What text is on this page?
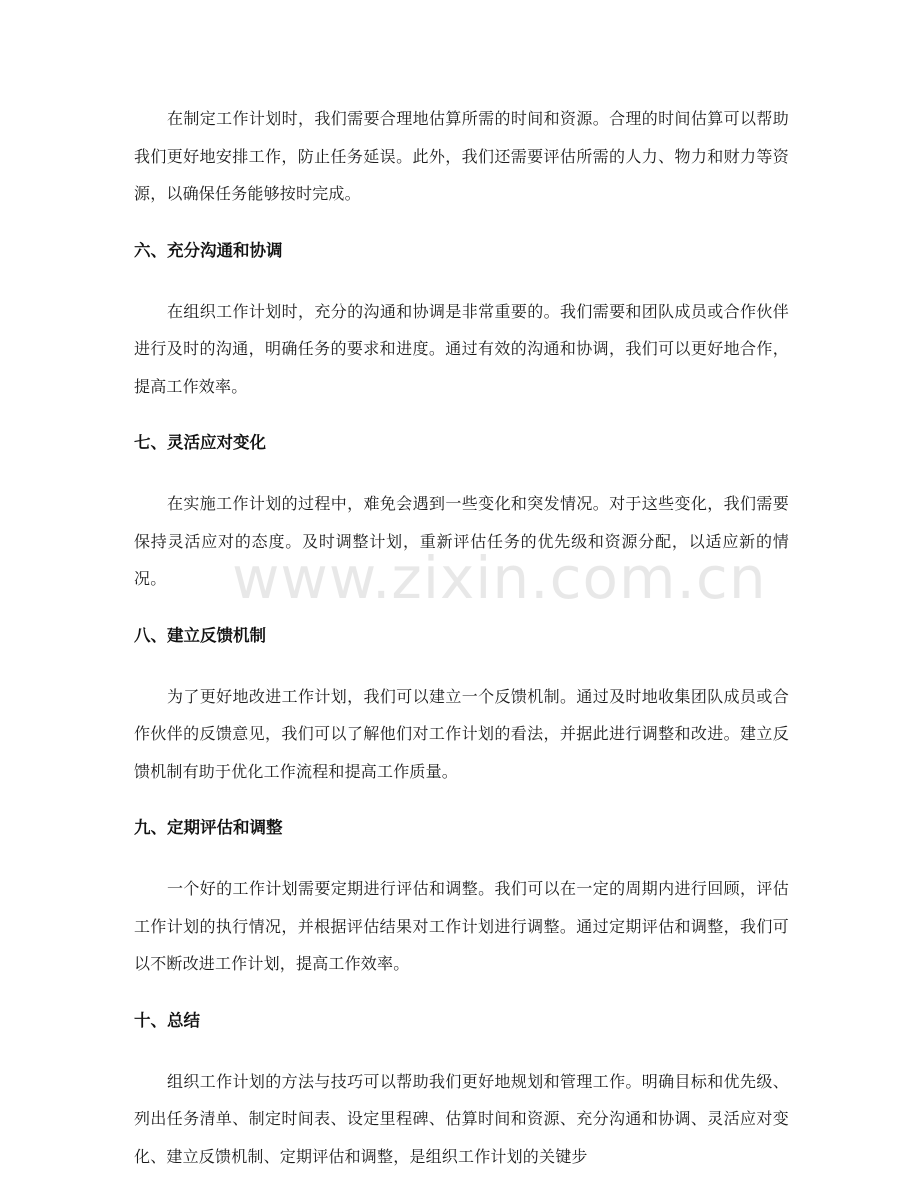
在制定工作计划时，我们需要合理地估算所需的时间和资源。合理的时间估算可以帮助我们更好地安排工作，防止任务延误。此外，我们还需要评估所需的人力、物力和财力等资源，以确保任务能够按时完成。

六、充分沟通和协调

在组织工作计划时，充分的沟通和协调是非常重要的。我们需要和团队成员或合作伙伴进行及时的沟通，明确任务的要求和进度。通过有效的沟通和协调，我们可以更好地合作，提高工作效率。

七、灵活应对变化

在实施工作计划的过程中，难免会遇到一些变化和突发情况。对于这些变化，我们需要保持灵活应对的态度。及时调整计划，重新评估任务的优先级和资源分配，以适应新的情况。

八、建立反馈机制

为了更好地改进工作计划，我们可以建立一个反馈机制。通过及时地收集团队成员或合作伙伴的反馈意见，我们可以了解他们对工作计划的看法，并据此进行调整和改进。建立反馈机制有助于优化工作流程和提高工作质量。

九、定期评估和调整

一个好的工作计划需要定期进行评估和调整。我们可以在一定的周期内进行回顾，评估工作计划的执行情况，并根据评估结果对工作计划进行调整。通过定期评估和调整，我们可以不断改进工作计划，提高工作效率。

十、总结

组织工作计划的方法与技巧可以帮助我们更好地规划和管理工作。明确目标和优先级、列出任务清单、制定时间表、设定里程碑、估算时间和资源、充分沟通和协调、灵活应对变化、建立反馈机制、定期评估和调整，是组织工作计划的关键步

www.zixin.com.cn
